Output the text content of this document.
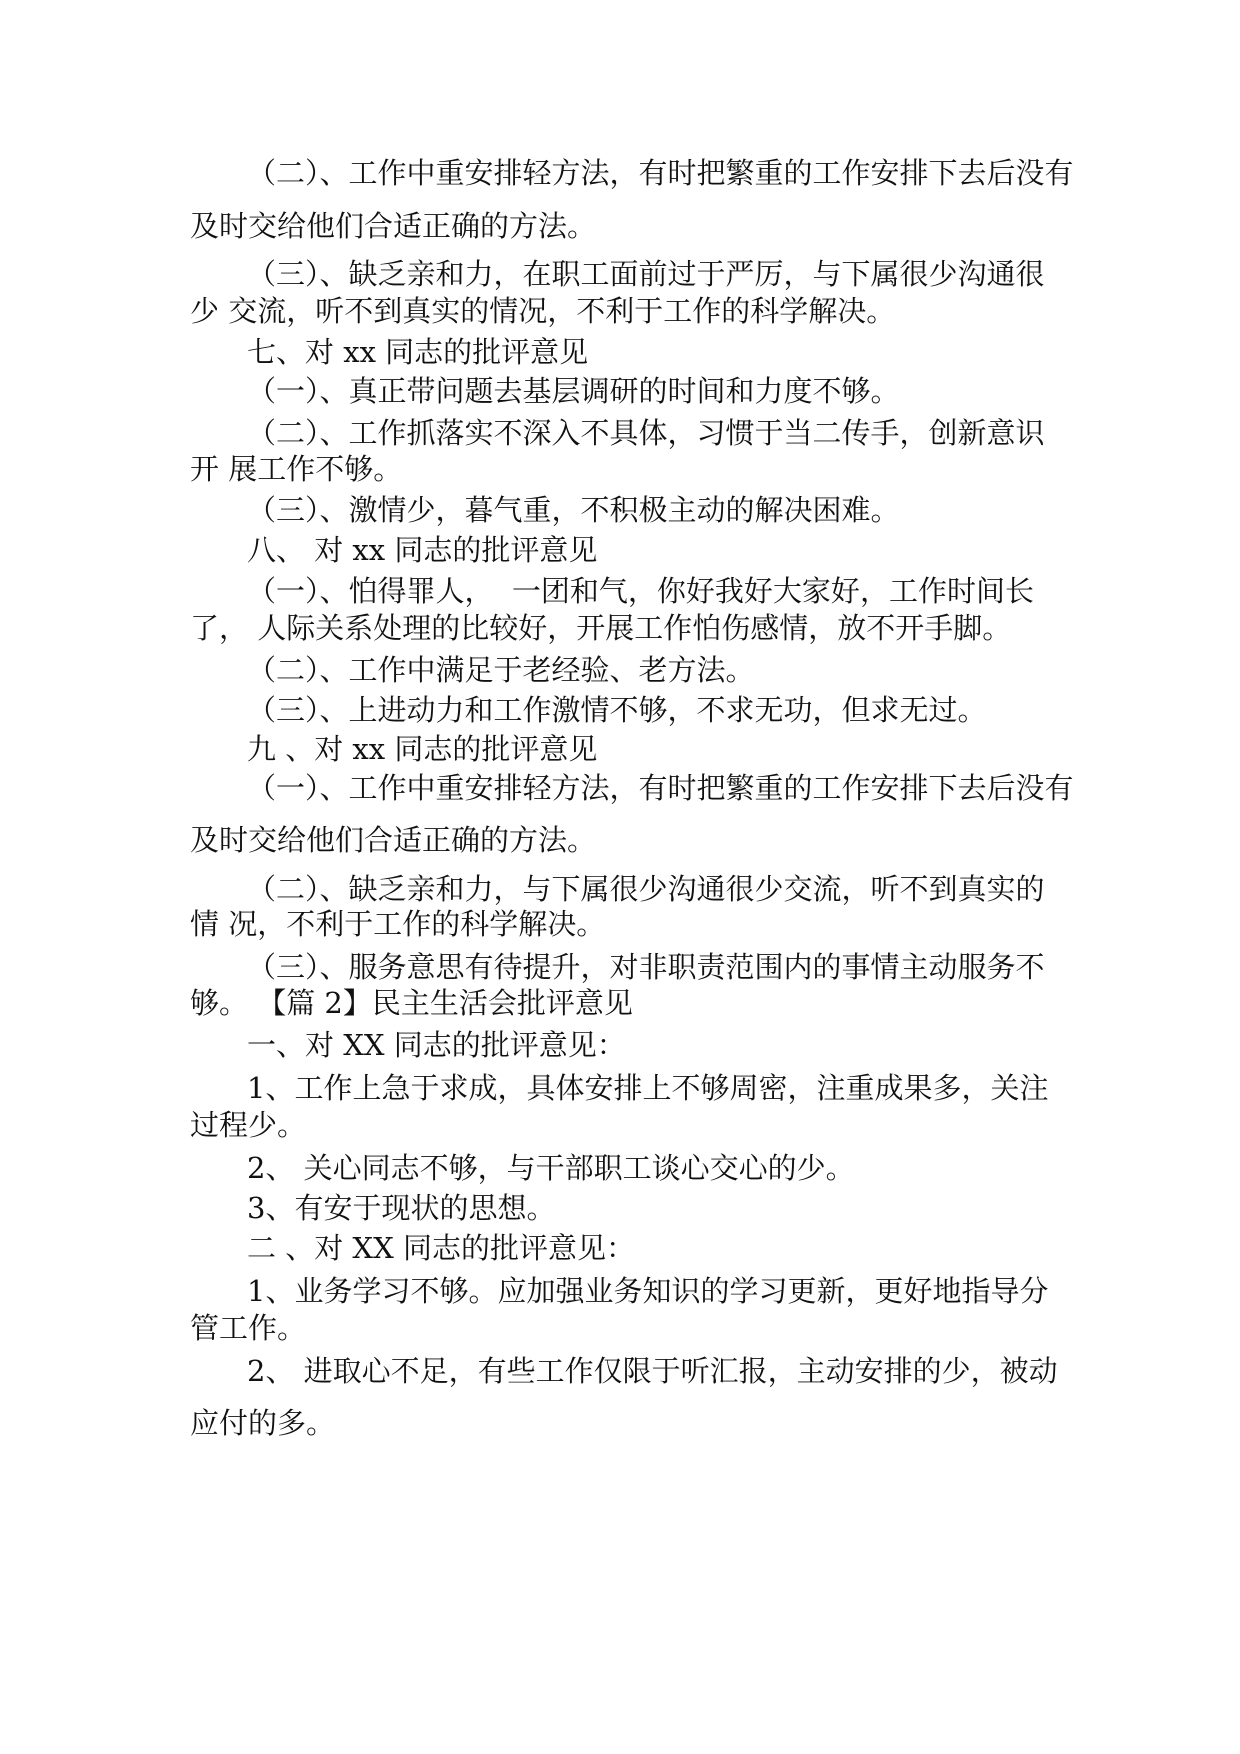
（二）、工作中重安排轻方法，有时把繁重的工作安排下去后没有
及时交给他们合适正确的方法。
（三）、缺乏亲和力，在职工面前过于严厉，与下属很少沟通很
少 交流，听不到真实的情况，不利于工作的科学解决。
七、对 xx 同志的批评意见
（一）、真正带问题去基层调研的时间和力度不够。
（二）、工作抓落实不深入不具体，习惯于当二传手，创新意识
开 展工作不够。
（三）、激情少，暮气重，不积极主动的解决困难。
八、 对 xx 同志的批评意见
（一）、怕得罪人，  一团和气，你好我好大家好，工作时间长
了， 人际关系处理的比较好，开展工作怕伤感情，放不开手脚。
（二）、工作中满足于老经验、老方法。
（三）、上进动力和工作激情不够，不求无功，但求无过。
九 、对 xx 同志的批评意见
（一）、工作中重安排轻方法，有时把繁重的工作安排下去后没有
及时交给他们合适正确的方法。
（二）、缺乏亲和力，与下属很少沟通很少交流，听不到真实的
情 况，不利于工作的科学解决。
（三）、服务意思有待提升，对非职责范围内的事情主动服务不
够。 【篇 2】民主生活会批评意见
一、对 XX 同志的批评意见：
1、工作上急于求成，具体安排上不够周密，注重成果多，关注
过程少。
2、 关心同志不够，与干部职工谈心交心的少。
3、有安于现状的思想。
二 、对 XX 同志的批评意见：
1、业务学习不够。应加强业务知识的学习更新，更好地指导分
管工作。
2、 进取心不足，有些工作仅限于听汇报，主动安排的少，被动
应付的多。
